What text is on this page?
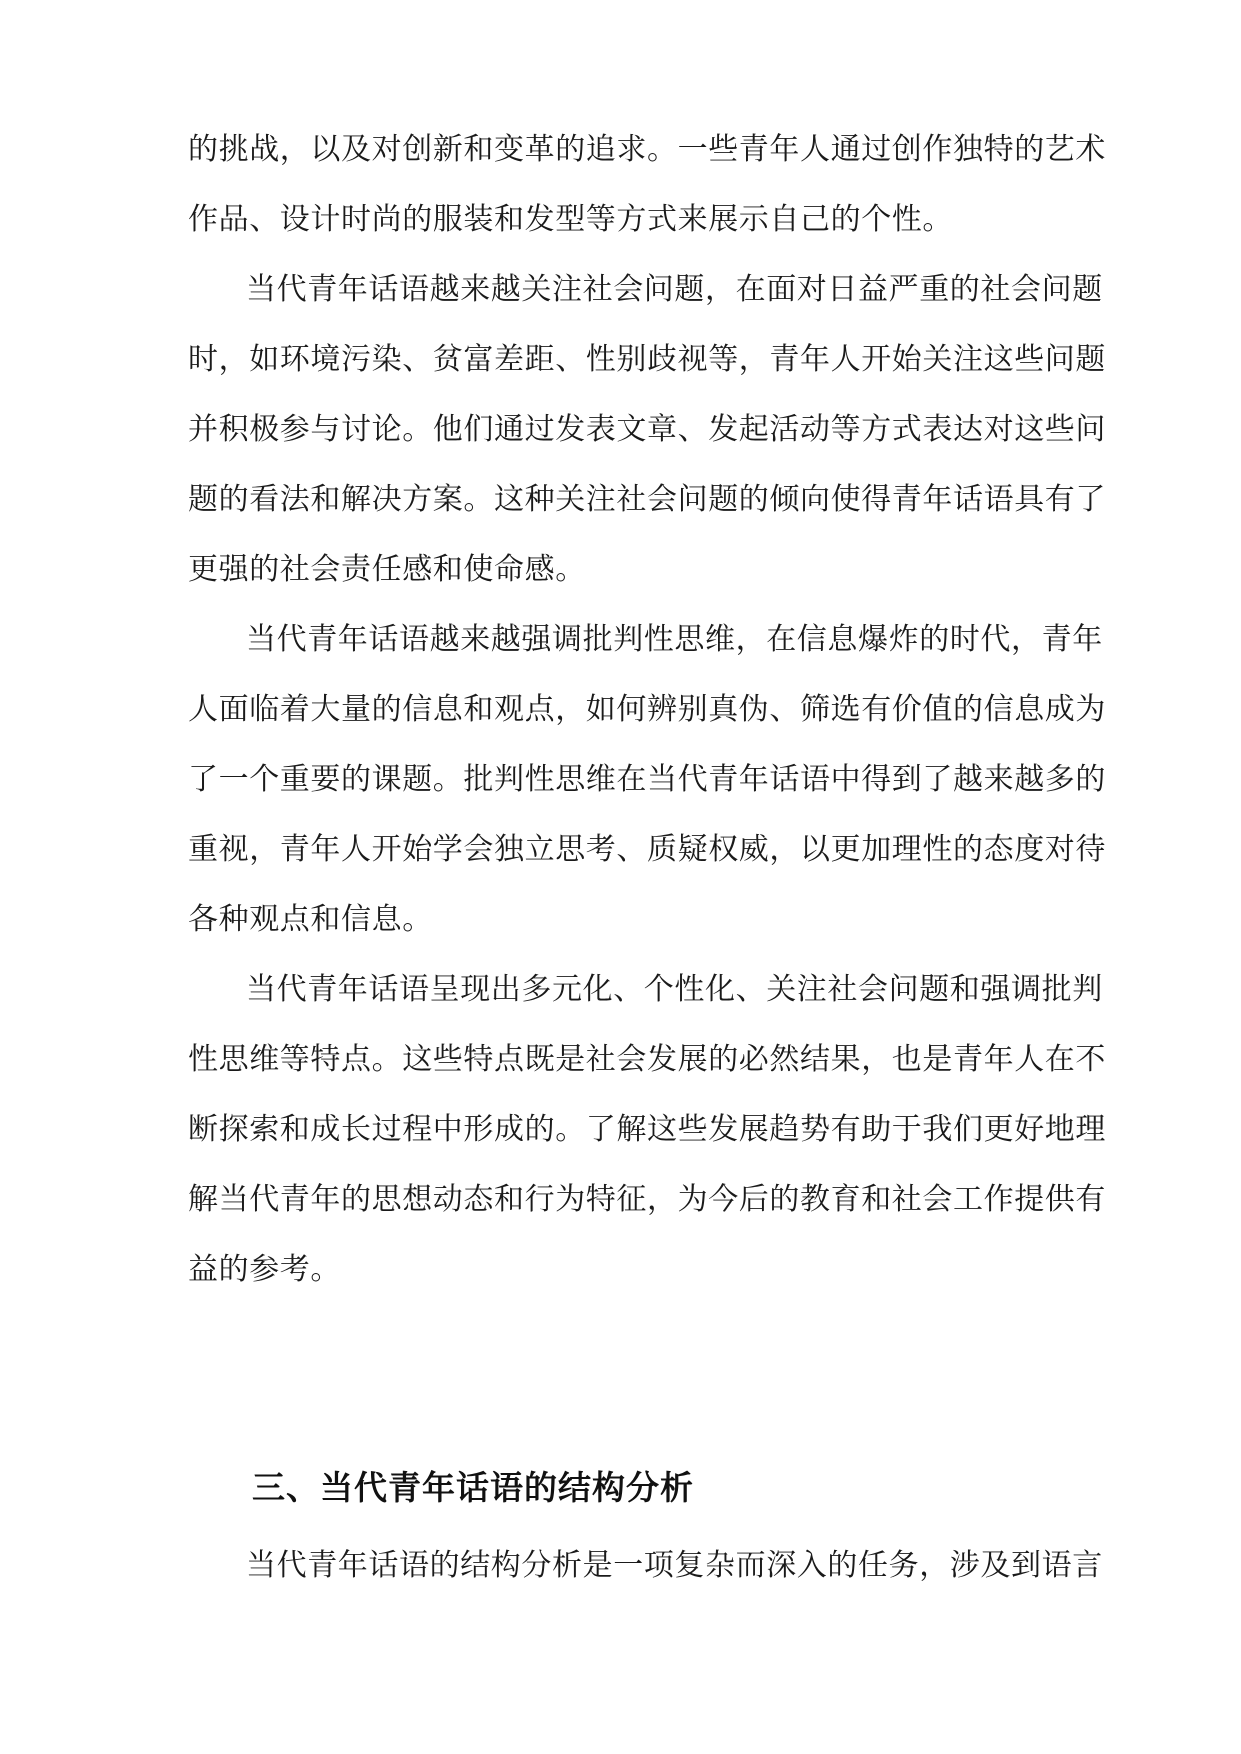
的挑战，以及对创新和变革的追求。一些青年人通过创作独特的艺术
作品、设计时尚的服装和发型等方式来展示自己的个性。
当代青年话语越来越关注社会问题，在面对日益严重的社会问题
时，如环境污染、贫富差距、性别歧视等，青年人开始关注这些问题
并积极参与讨论。他们通过发表文章、发起活动等方式表达对这些问
题的看法和解决方案。这种关注社会问题的倾向使得青年话语具有了
更强的社会责任感和使命感。
当代青年话语越来越强调批判性思维，在信息爆炸的时代，青年
人面临着大量的信息和观点，如何辨别真伪、筛选有价值的信息成为
了一个重要的课题。批判性思维在当代青年话语中得到了越来越多的
重视，青年人开始学会独立思考、质疑权威，以更加理性的态度对待
各种观点和信息。
当代青年话语呈现出多元化、个性化、关注社会问题和强调批判
性思维等特点。这些特点既是社会发展的必然结果，也是青年人在不
断探索和成长过程中形成的。了解这些发展趋势有助于我们更好地理
解当代青年的思想动态和行为特征，为今后的教育和社会工作提供有
益的参考。
三、当代青年话语的结构分析
当代青年话语的结构分析是一项复杂而深入的任务，涉及到语言
